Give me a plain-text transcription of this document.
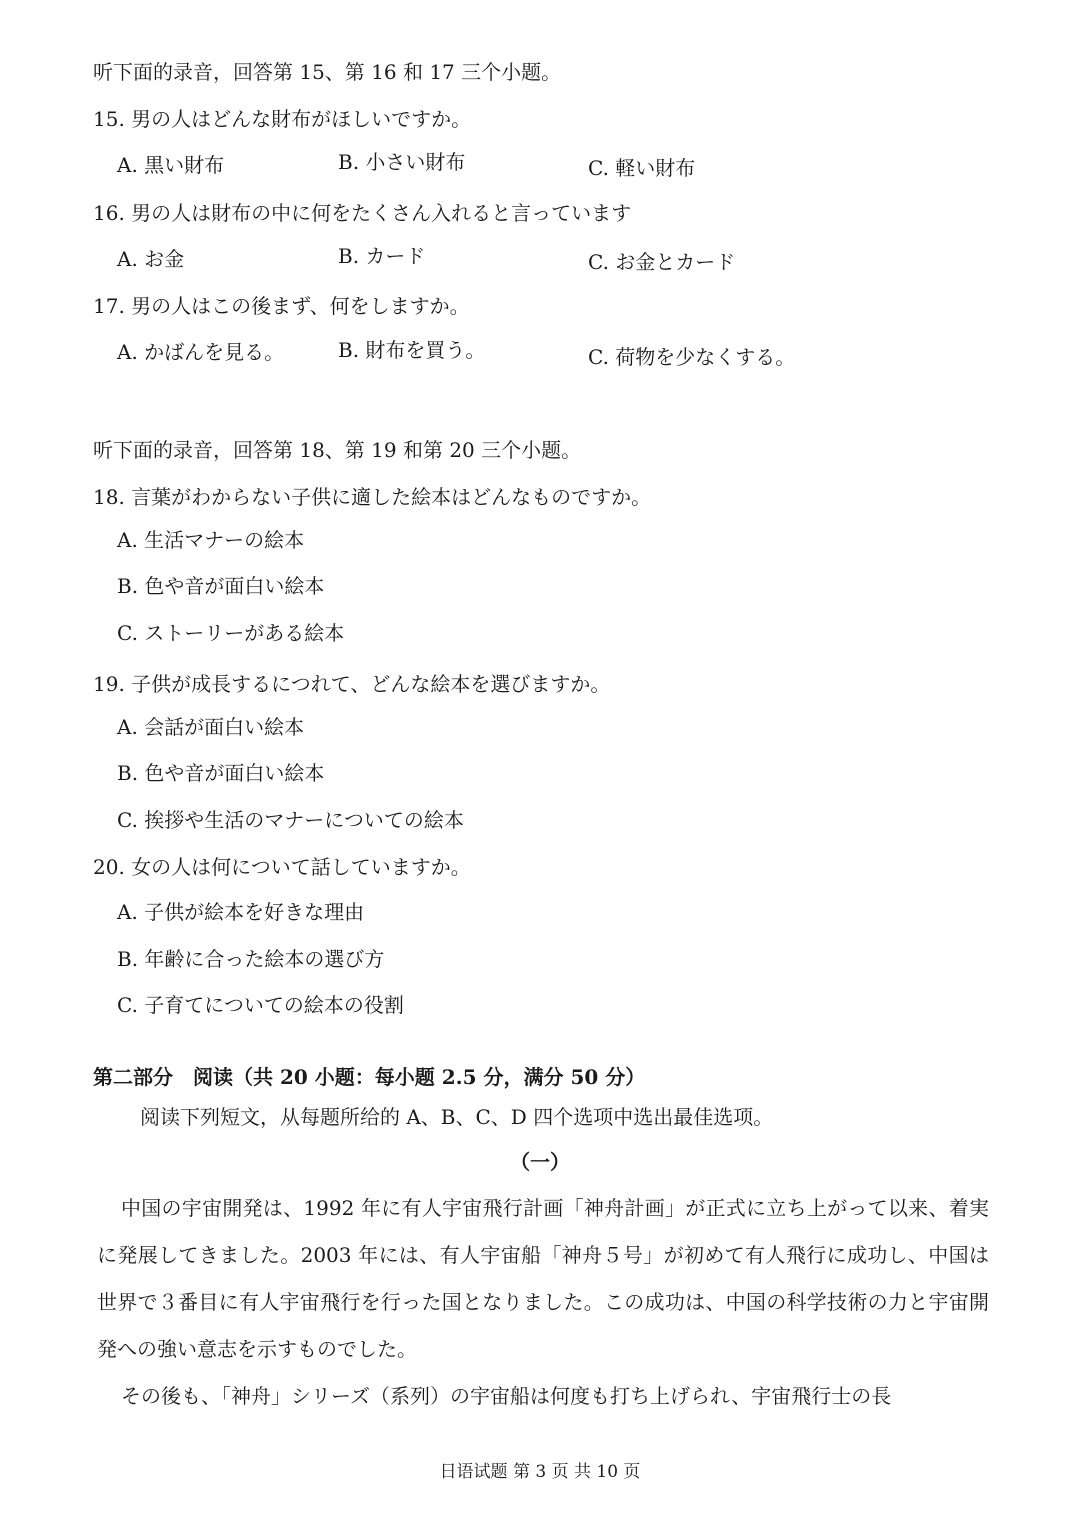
听下面的录音，回答第 15、第 16 和 17 三个小题。
15. 男の人はどんな財布がほしいですか。
A. 黒い財布	B. 小さい財布	C. 軽い財布
16. 男の人は財布の中に何をたくさん入れると言っています
A. お金	B. カード	C. お金とカード
17. 男の人はこの後まず、何をしますか。
A. かばんを見る。	B. 財布を買う。	C. 荷物を少なくする。
听下面的录音，回答第 18、第 19 和第 20 三个小题。
18. 言葉がわからない子供に適した絵本はどんなものですか。
A. 生活マナーの絵本
B. 色や音が面白い絵本
C. ストーリーがある絵本
19. 子供が成長するにつれて、どんな絵本を選びますか。
A. 会話が面白い絵本
B. 色や音が面白い絵本
C. 挨拶や生活のマナーについての絵本
20. 女の人は何について話していますか。
A. 子供が絵本を好きな理由
B. 年齢に合った絵本の選び方
C. 子育てについての絵本の役割
第二部分　阅读（共 20 小题：每小题 2.5 分，满分 50 分）
阅读下列短文，从每题所给的 A、B、C、D 四个选项中选出最佳选项。
（一）
中国の宇宙開発は、1992 年に有人宇宙飛行計画「神舟計画」が正式に立ち上がって以来、着実に発展してきました。2003 年には、有人宇宙船「神舟５号」が初めて有人飛行に成功し、中国は世界で３番目に有人宇宙飛行を行った国となりました。この成功は、中国の科学技術の力と宇宙開発への強い意志を示すものでした。
その後も、「神舟」シリーズ（系列）の宇宙船は何度も打ち上げられ、宇宙飛行士の長
日语试题 第 3 页 共 10 页
